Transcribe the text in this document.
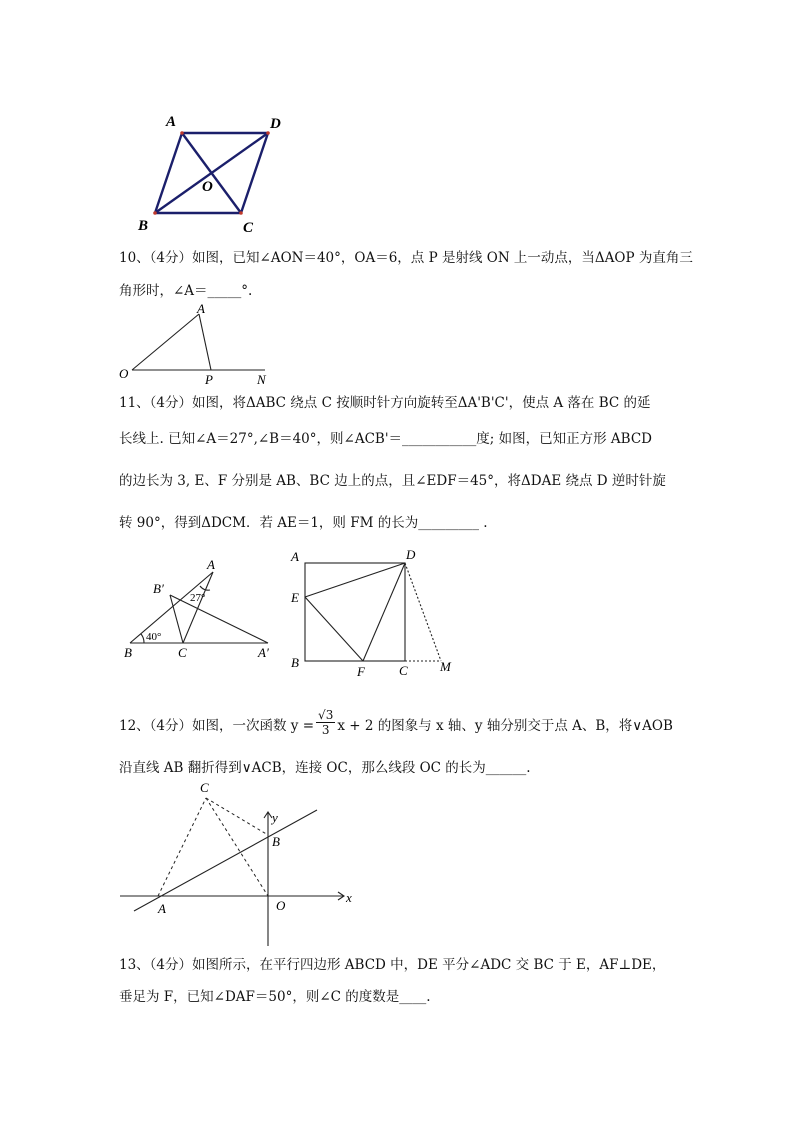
A	D
O
B	C
10、（4分）如图，已知∠AON＝40°，OA＝6，点 P 是射线 ON 上一动点，当ΔAOP 为直角三
角形时，∠A＝_____°.
A
O	P	N
11、（4分）如图，将ΔABC 绕点 C 按顺时针方向旋转至ΔA'B'C'，使点 A 落在 BC 的延
长线上. 已知∠A＝27°,∠B＝40°，则∠ACB'＝___________度; 如图，已知正方形 ABCD
的边长为 3, E、F 分别是 AB、BC 边上的点，且∠EDF＝45°，将ΔDAE 绕点 D 逆时针旋
转 90°，得到ΔDCM．若 AE＝1，则 FM 的长为_________ .
A
B′
27°
40°
B	C	A′
A	D
E
B
F	C M
12、（4分）如图，一次函数 $y = \frac{√3}{3}$ x + 2 的图象与 x 轴、y 轴分别交于点 A、B，将∨AOB
沿直线 AB 翻折得到∨ACB，连接 OC，那么线段 OC 的长为______.
C
y
B
A	O
x
13、（4分）如图所示，在平行四边形 ABCD 中，DE 平分∠ADC 交 BC 于 E，AF⊥DE，
垂足为 F，已知∠DAF＝50°，则∠C 的度数是____.
